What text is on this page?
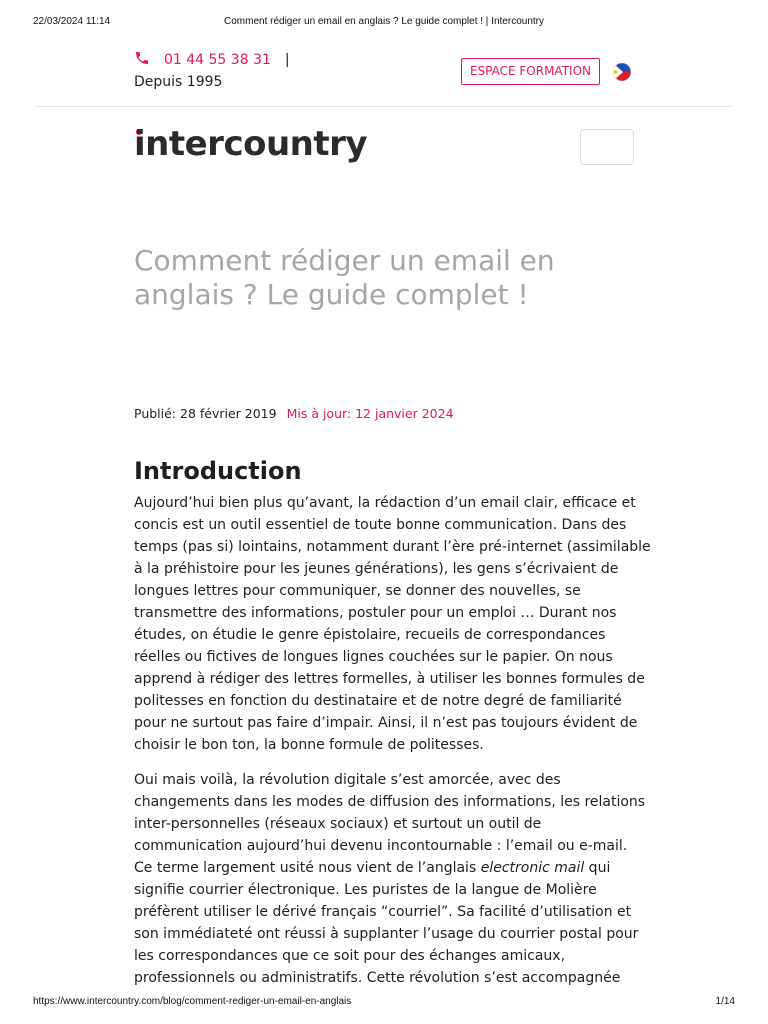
22/03/2024 11:14	Comment rédiger un email en anglais ? Le guide complet ! | Intercountry
01 44 55 38 31 |
Depuis 1995
ESPACE FORMATION
intercountry
Comment rédiger un email en
anglais ? Le guide complet !
Publié: 28 février 2019 Mis à jour: 12 janvier 2024
Introduction

Aujourd’hui bien plus qu’avant, la rédaction d’un email clair, efficace et
concis est un outil essentiel de toute bonne communication. Dans des
temps (pas si) lointains, notamment durant l’ère pré-internet (assimilable
à la préhistoire pour les jeunes générations), les gens s’écrivaient de
longues lettres pour communiquer, se donner des nouvelles, se
transmettre des informations, postuler pour un emploi … Durant nos
études, on étudie le genre épistolaire, recueils de correspondances
réelles ou fictives de longues lignes couchées sur le papier. On nous
apprend à rédiger des lettres formelles, à utiliser les bonnes formules de
politesses en fonction du destinataire et de notre degré de familiarité
pour ne surtout pas faire d’impair. Ainsi, il n’est pas toujours évident de
choisir le bon ton, la bonne formule de politesses.

Oui mais voilà, la révolution digitale s’est amorcée, avec des
changements dans les modes de diffusion des informations, les relations
inter-personnelles (réseaux sociaux) et surtout un outil de
communication aujourd’hui devenu incontournable : l’email ou e-mail.
Ce terme largement usité nous vient de l’anglais electronic mail qui
signifie courrier électronique. Les puristes de la langue de Molière
préfèrent utiliser le dérivé français “courriel”. Sa facilité d’utilisation et
son immédiateté ont réussi à supplanter l’usage du courrier postal pour
les correspondances que ce soit pour des échanges amicaux,
professionnels ou administratifs. Cette révolution s’est accompagnée

https://www.intercountry.com/blog/comment-rediger-un-email-en-anglais	1/14
